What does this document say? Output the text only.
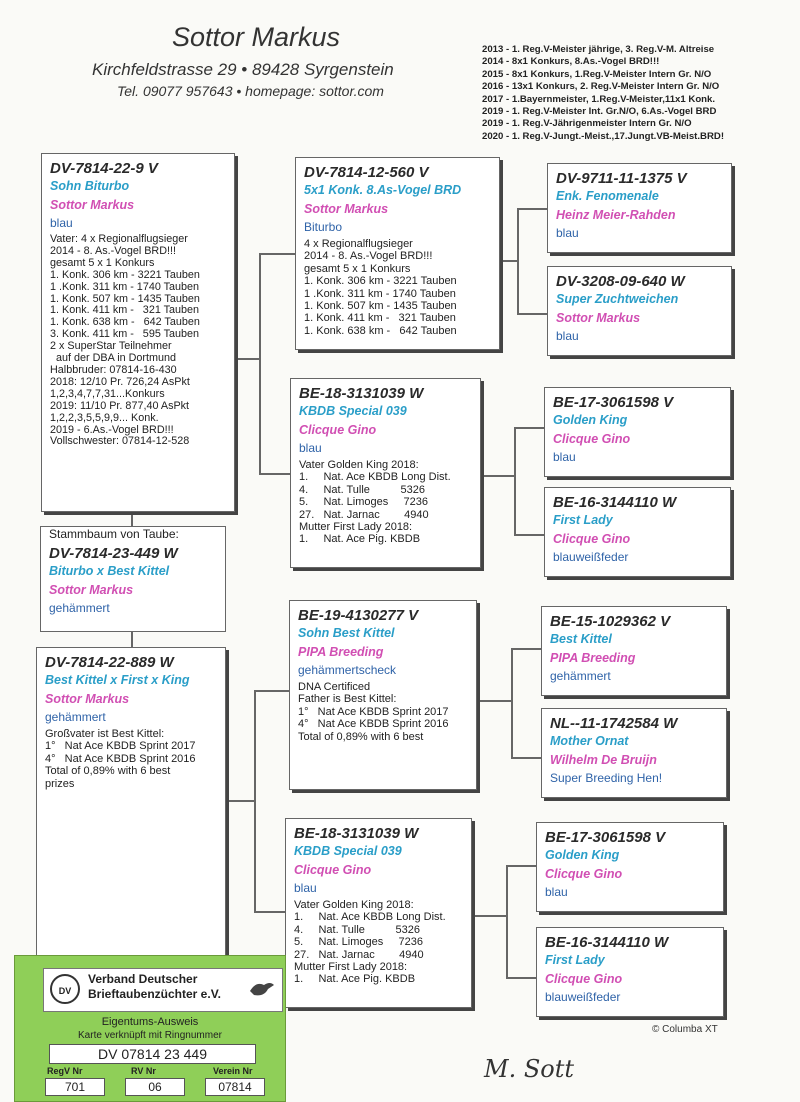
Sottor Markus
Kirchfeldstrasse 29 • 89428 Syrgenstein
Tel. 09077 957643 • homepage: sottor.com
2013 - 1. Reg.V-Meister jährige, 3. Reg.V-M. Altreise
2014 - 8x1 Konkurs, 8.As.-Vogel BRD!!!
2015 - 8x1 Konkurs, 1.Reg.V-Meister Intern Gr. N/O
2016 - 13x1 Konkurs, 2. Reg.V-Meister Intern Gr. N/O
2017 - 1.Bayernmeister, 1.Reg.V-Meister,11x1 Konk.
2019 - 1. Reg.V-Meister Int. Gr.N/O, 6.As.-Vogel BRD
2019 - 1. Reg.V-Jährigenmeister Intern Gr. N/O
2020 - 1. Reg.V-Jungt.-Meist.,17.Jungt.VB-Meist.BRD!
DV-7814-22-9 V
Sohn Biturbo
Sottor Markus
blau
Vater: 4 x Regionalflugsieger
2014 - 8. As.-Vogel BRD!!!
gesamt 5 x 1 Konkurs
1. Konk. 306 km - 3221 Tauben
1 .Konk. 311 km - 1740 Tauben
1. Konk. 507 km - 1435 Tauben
1. Konk. 411 km -   321 Tauben
1. Konk. 638 km -   642 Tauben
3. Konk. 411 km -   595 Tauben
2 x SuperStar Teilnehmer
auf der DBA in Dortmund
Halbbruder: 07814-16-430
2018: 12/10 Pr. 726,24 AsPkt
1,2,3,4,7,7,31...Konkurs
2019: 11/10 Pr. 877,40 AsPkt
1,2,2,3,5,5,9,9... Konk.
2019 - 6.As.-Vogel BRD!!!
Vollschwester: 07814-12-528
Stammbaum von Taube:
DV-7814-23-449 W
Biturbo x Best Kittel
Sottor Markus
gehämmert
DV-7814-22-889 W
Best Kittel x First x King
Sottor Markus
gehämmert
Großvater ist Best Kittel:
1°   Nat Ace KBDB Sprint 2017
4°   Nat Ace KBDB Sprint 2016
Total of 0,89% with 6 best
prizes
DV-7814-12-560 V
5x1 Konk. 8.As-Vogel BRD
Sottor Markus
Biturbo
4 x Regionalflugsieger
2014 - 8. As.-Vogel BRD!!!
gesamt 5 x 1 Konkurs
1. Konk. 306 km - 3221 Tauben
1 .Konk. 311 km - 1740 Tauben
1. Konk. 507 km - 1435 Tauben
1. Konk. 411 km -   321 Tauben
1. Konk. 638 km -   642 Tauben
BE-18-3131039 W
KBDB Special 039
Clicque Gino
blau
Vater Golden King 2018:
1.     Nat. Ace KBDB Long Dist.
4.     Nat. Tulle          5326
5.     Nat. Limoges     7236
27.   Nat. Jarnac        4940
Mutter First Lady 2018:
1.     Nat. Ace Pig. KBDB
BE-19-4130277 V
Sohn Best Kittel
PIPA Breeding
gehämmertscheck
DNA Certificed
Father is Best Kittel:
1°   Nat Ace KBDB Sprint 2017
4°   Nat Ace KBDB Sprint 2016
Total of 0,89% with 6 best
BE-18-3131039 W
KBDB Special 039
Clicque Gino
blau
Vater Golden King 2018:
1.     Nat. Ace KBDB Long Dist.
4.     Nat. Tulle          5326
5.     Nat. Limoges     7236
27.   Nat. Jarnac        4940
Mutter First Lady 2018:
1.     Nat. Ace Pig. KBDB
DV-9711-11-1375 V
Enk. Fenomenale
Heinz Meier-Rahden
blau
DV-3208-09-640 W
Super Zuchtweichen
Sottor Markus
blau
BE-17-3061598 V
Golden King
Clicque Gino
blau
BE-16-3144110 W
First Lady
Clicque Gino
blauweißfeder
BE-15-1029362 V
Best Kittel
PIPA Breeding
gehämmert
NL--11-1742584 W
Mother Ornat
Wilhelm De Bruijn
Super Breeding Hen!
BE-17-3061598 V
Golden King
Clicque Gino
blau
BE-16-3144110 W
First Lady
Clicque Gino
blauweißfeder
DV
Verband Deutscher
Brieftaubenzüchter e.V.
Eigentums-Ausweis
Karte verknüpft mit Ringnummer
DV 07814 23 449
RegV Nr	RV Nr	Verein Nr
701	06	07814
© Columba XT
M. Sott
